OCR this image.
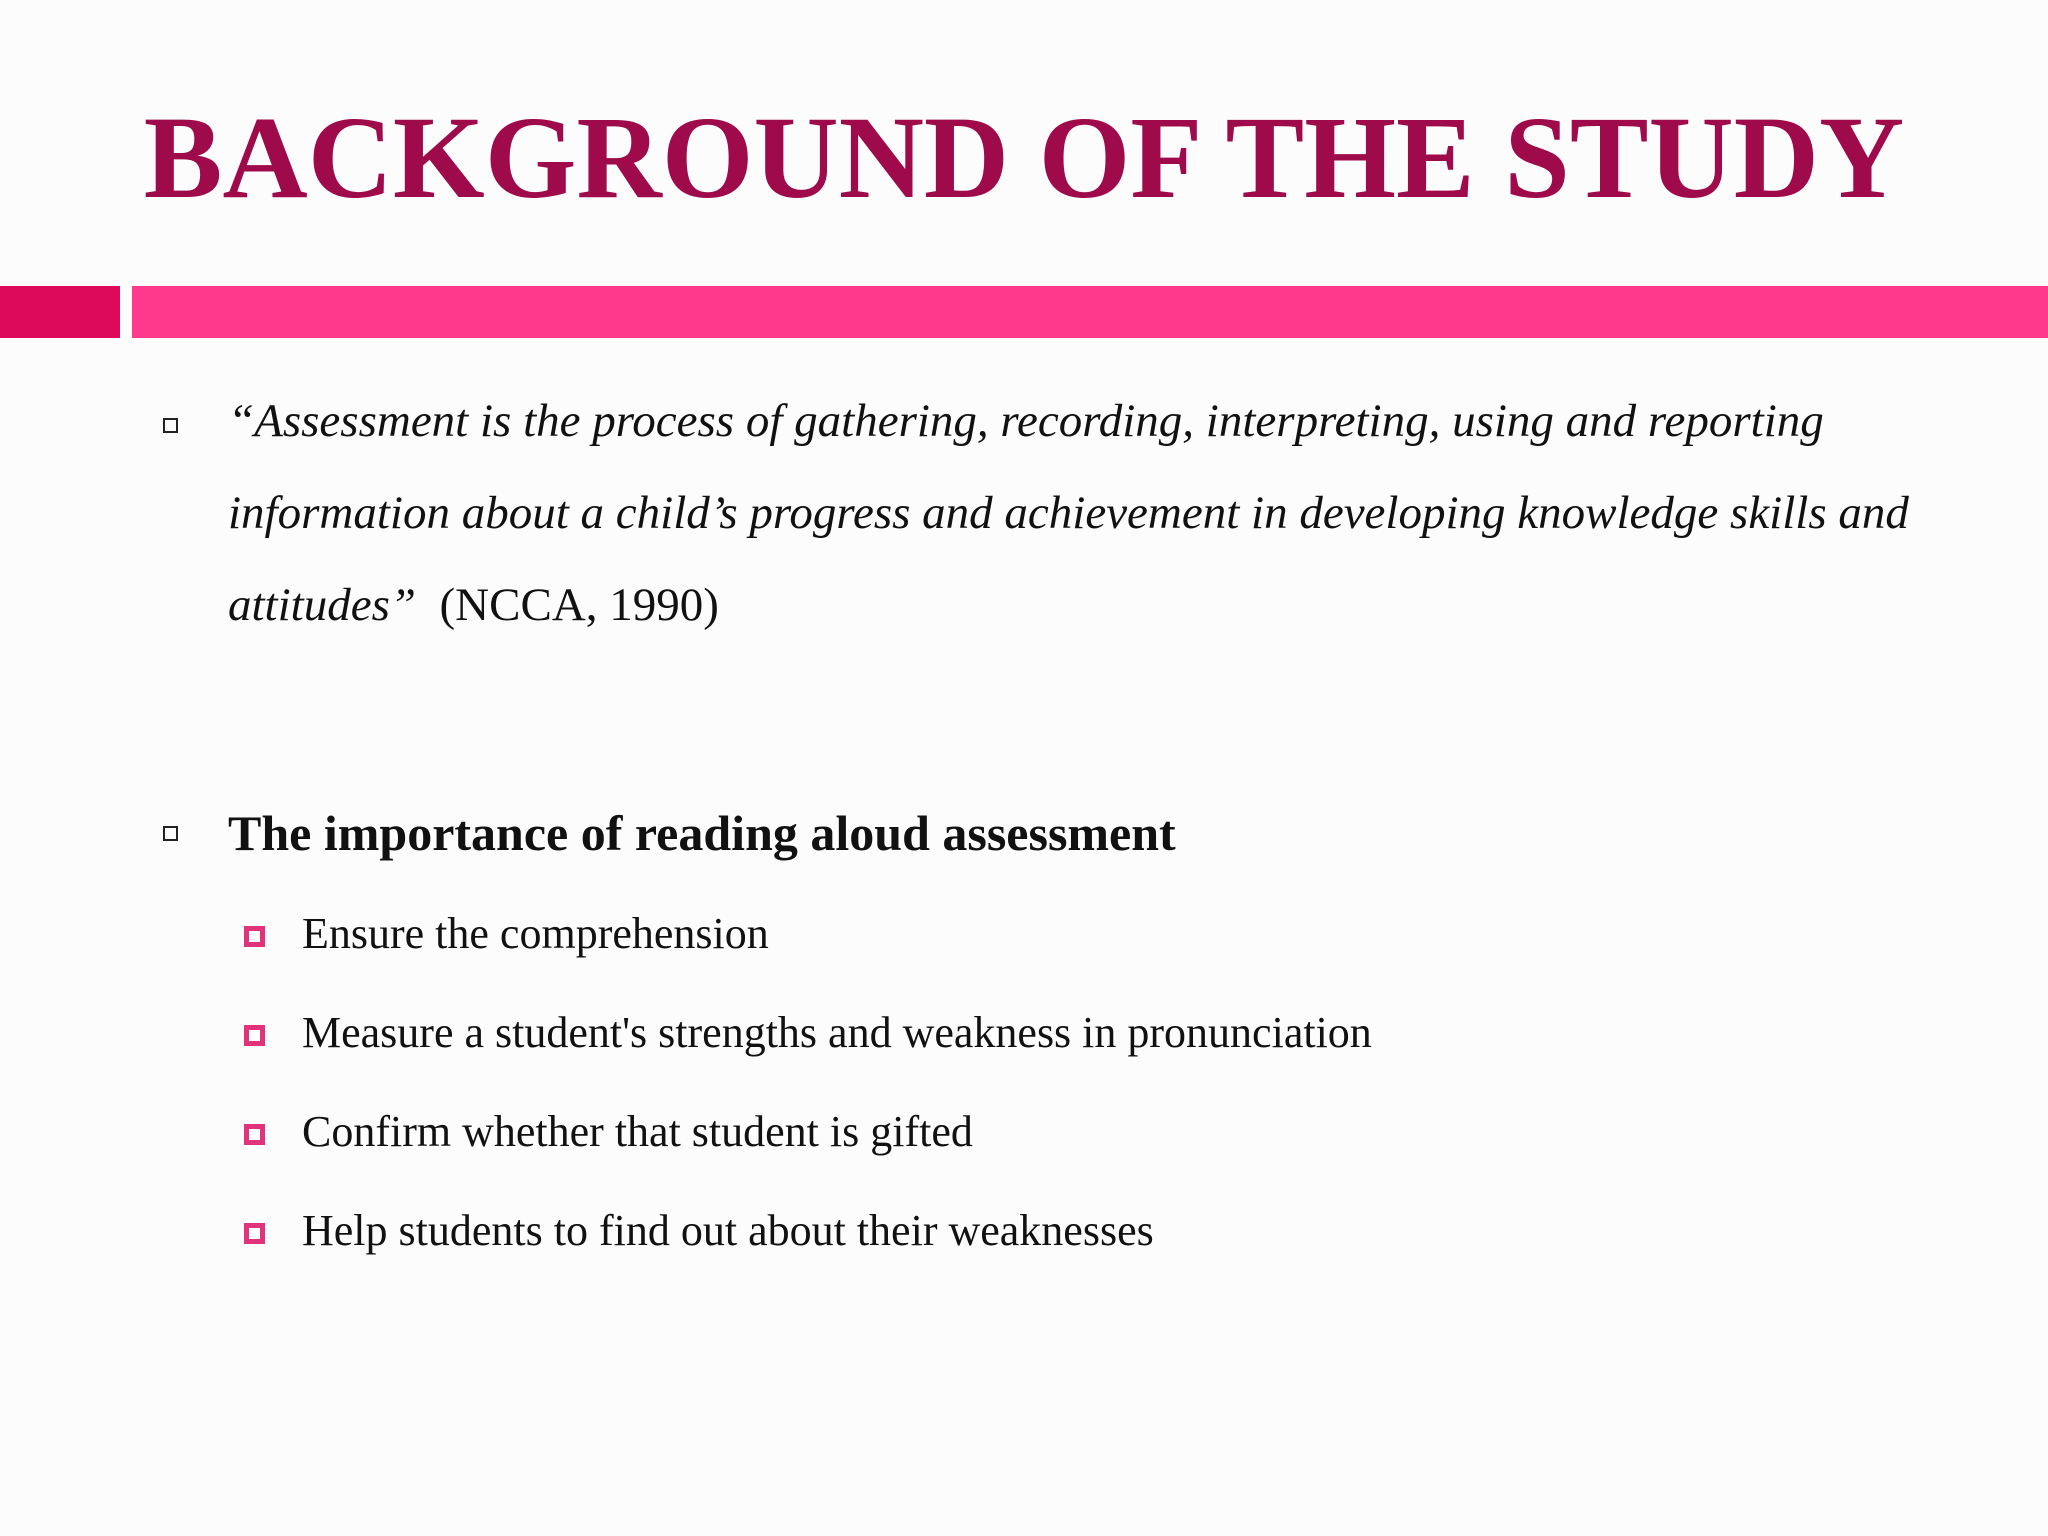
BACKGROUND OF THE STUDY
“Assessment is the process of gathering, recording, interpreting, using and reporting information about a child’s progress and achievement in developing knowledge skills and attitudes” (NCCA, 1990)
The importance of reading aloud assessment
Ensure the comprehension
Measure a student's strengths and weakness in pronunciation
Confirm whether that student is gifted
Help students to find out about their weaknesses
